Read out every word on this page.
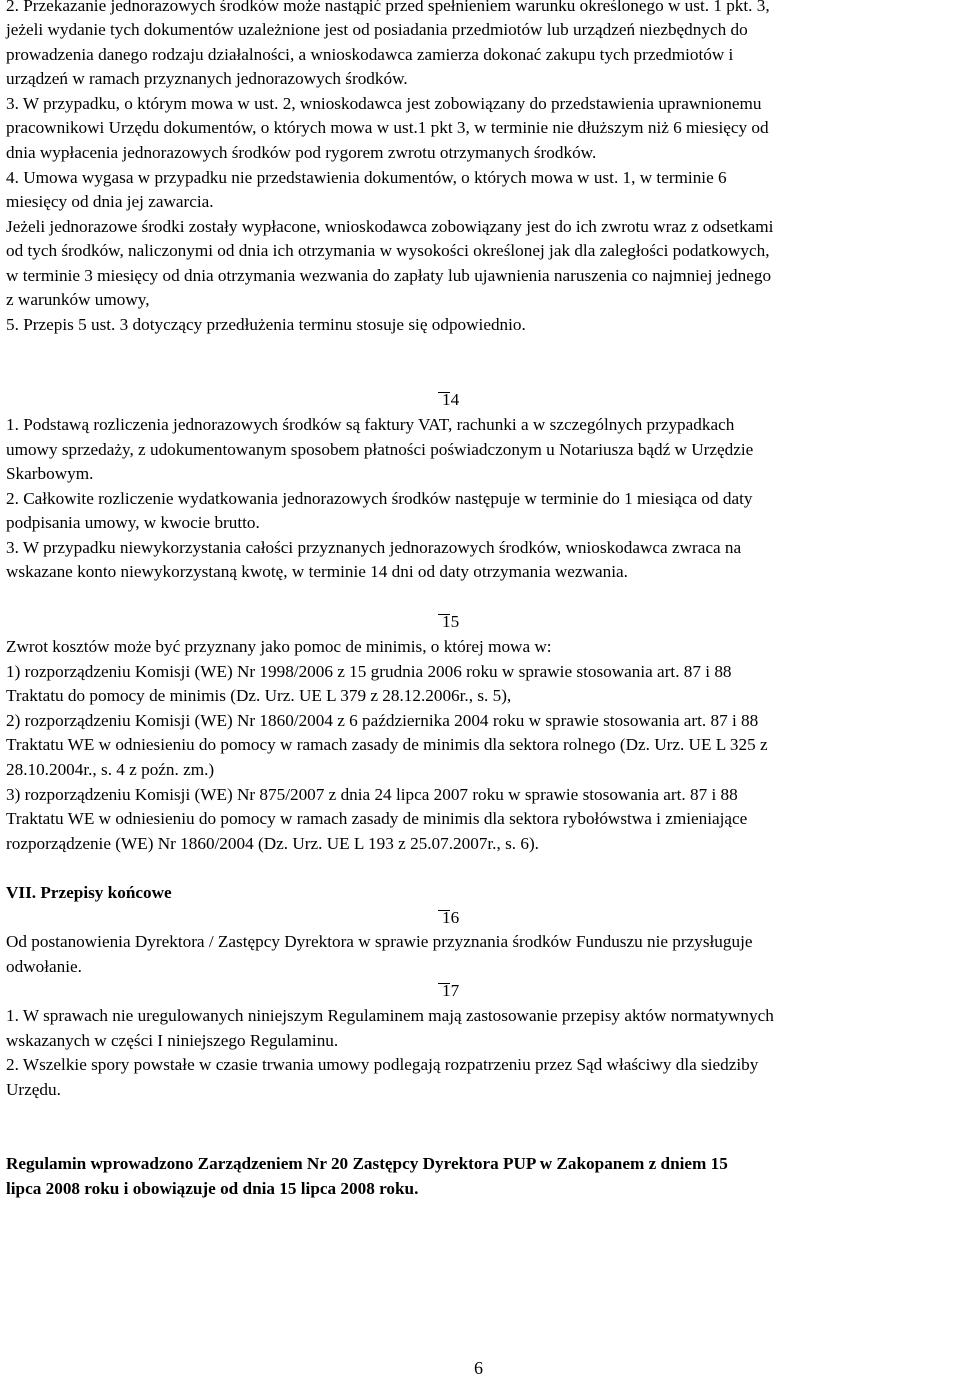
2. Przekazanie jednorazowych środków może nastąpić przed spełnieniem warunku określonego w ust. 1 pkt. 3,
jeżeli wydanie tych dokumentów uzależnione jest od posiadania przedmiotów lub urządzeń niezbędnych do
prowadzenia danego rodzaju działalności, a wnioskodawca zamierza dokonać zakupu tych przedmiotów i
urządzeń w ramach przyznanych jednorazowych środków.
3. W przypadku, o którym mowa w ust. 2, wnioskodawca jest zobowiązany do przedstawienia uprawnionemu
pracownikowi Urzędu dokumentów, o których mowa w ust.1 pkt 3, w terminie nie dłuższym niż 6 miesięcy od
dnia wypłacenia jednorazowych środków pod rygorem zwrotu otrzymanych środków.
4. Umowa wygasa w przypadku nie przedstawienia dokumentów, o których mowa w ust. 1, w terminie 6
miesięcy od dnia jej zawarcia.
Jeżeli jednorazowe środki zostały wypłacone, wnioskodawca zobowiązany jest do ich zwrotu wraz z odsetkami
od tych środków, naliczonymi od dnia ich otrzymania w wysokości określonej jak dla zaległości podatkowych,
w terminie 3 miesięcy od dnia otrzymania wezwania do zapłaty lub ujawnienia naruszenia co najmniej jednego
z warunków umowy,
5. Przepis 5 ust. 3 dotyczący przedłużenia terminu stosuje się odpowiednio.
14
1. Podstawą rozliczenia jednorazowych środków są faktury VAT, rachunki a w szczególnych przypadkach
umowy sprzedaży, z udokumentowanym sposobem płatności poświadczonym u Notariusza bądź w Urzędzie
Skarbowym.
2. Całkowite rozliczenie wydatkowania jednorazowych środków następuje w terminie do 1 miesiąca od daty
podpisania umowy, w kwocie brutto.
3. W przypadku niewykorzystania całości przyznanych jednorazowych środków, wnioskodawca zwraca na
wskazane konto niewykorzystaną kwotę, w terminie 14 dni od daty otrzymania wezwania.
15
Zwrot kosztów może być przyznany jako pomoc de minimis, o której mowa w:
1) rozporządzeniu Komisji (WE) Nr 1998/2006 z 15 grudnia 2006 roku w sprawie stosowania art. 87 i 88
Traktatu do pomocy de minimis (Dz. Urz. UE L 379 z 28.12.2006r., s. 5),
2) rozporządzeniu Komisji (WE) Nr 1860/2004 z 6 października 2004 roku w sprawie stosowania art. 87 i 88
Traktatu WE w odniesieniu do pomocy w ramach zasady de minimis dla sektora rolnego (Dz. Urz. UE L 325 z
28.10.2004r., s. 4 z poźn. zm.)
3) rozporządzeniu Komisji (WE) Nr 875/2007 z dnia 24 lipca 2007 roku w sprawie stosowania art. 87 i 88
Traktatu WE w odniesieniu do pomocy w ramach zasady de minimis dla sektora rybołówstwa i zmieniające
rozporządzenie (WE) Nr 1860/2004 (Dz. Urz. UE L 193 z 25.07.2007r., s. 6).
VII. Przepisy końcowe
16
Od postanowienia Dyrektora / Zastępcy Dyrektora w sprawie przyznania środków Funduszu nie przysługuje
odwołanie.
17
1. W sprawach nie uregulowanych niniejszym Regulaminem mają zastosowanie przepisy aktów normatywnych
wskazanych w części I niniejszego Regulaminu.
2. Wszelkie spory powstałe w czasie trwania umowy podlegają rozpatrzeniu przez Sąd właściwy dla siedziby
Urzędu.
Regulamin wprowadzono Zarządzeniem Nr 20 Zastępcy Dyrektora PUP w Zakopanem z dniem 15
lipca 2008 roku i obowiązuje od dnia 15 lipca 2008 roku.
6
